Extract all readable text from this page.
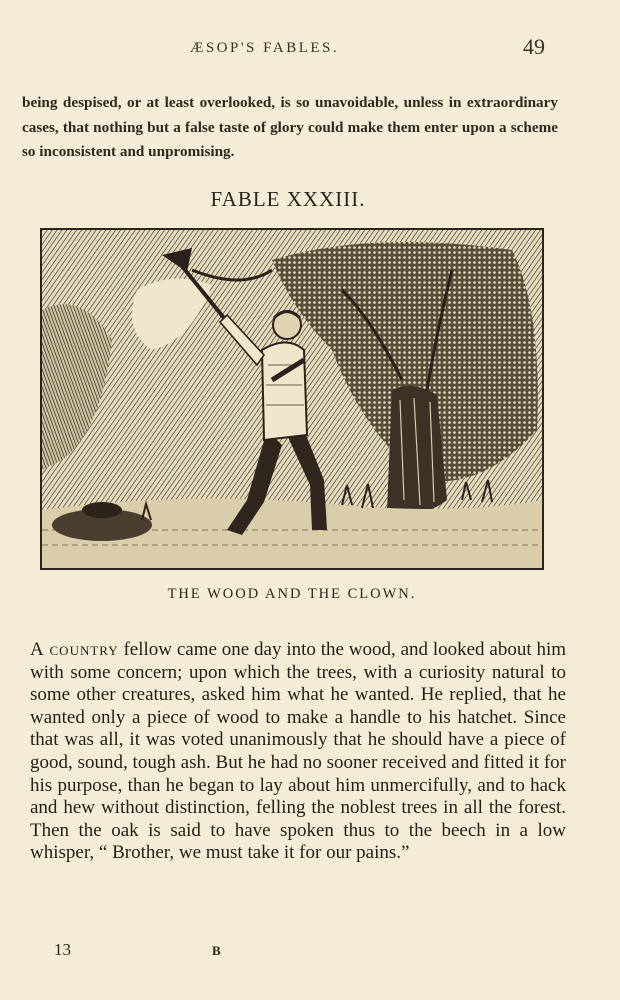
ÆSOP'S FABLES.	49

being despised, or at least overlooked, is so unavoidable, unless in extraordinary cases, that nothing but a false taste of glory could make them enter upon a scheme so inconsistent and unpromising.

FABLE XXXIII.
THE WOOD AND THE CLOWN.

A country fellow came one day into the wood, and looked about him with some concern; upon which the trees, with a curiosity natural to some other creatures, asked him what he wanted. He replied, that he wanted only a piece of wood to make a handle to his hatchet. Since that was all, it was voted unanimously that he should have a piece of good, sound, tough ash. But he had no sooner received and fitted it for his purpose, than he began to lay about him unmercifully, and to hack and hew without distinction, felling the noblest trees in all the forest. Then the oak is said to have spoken thus to the beech in a low whisper, “ Brother, we must take it for our pains.”

13	B
